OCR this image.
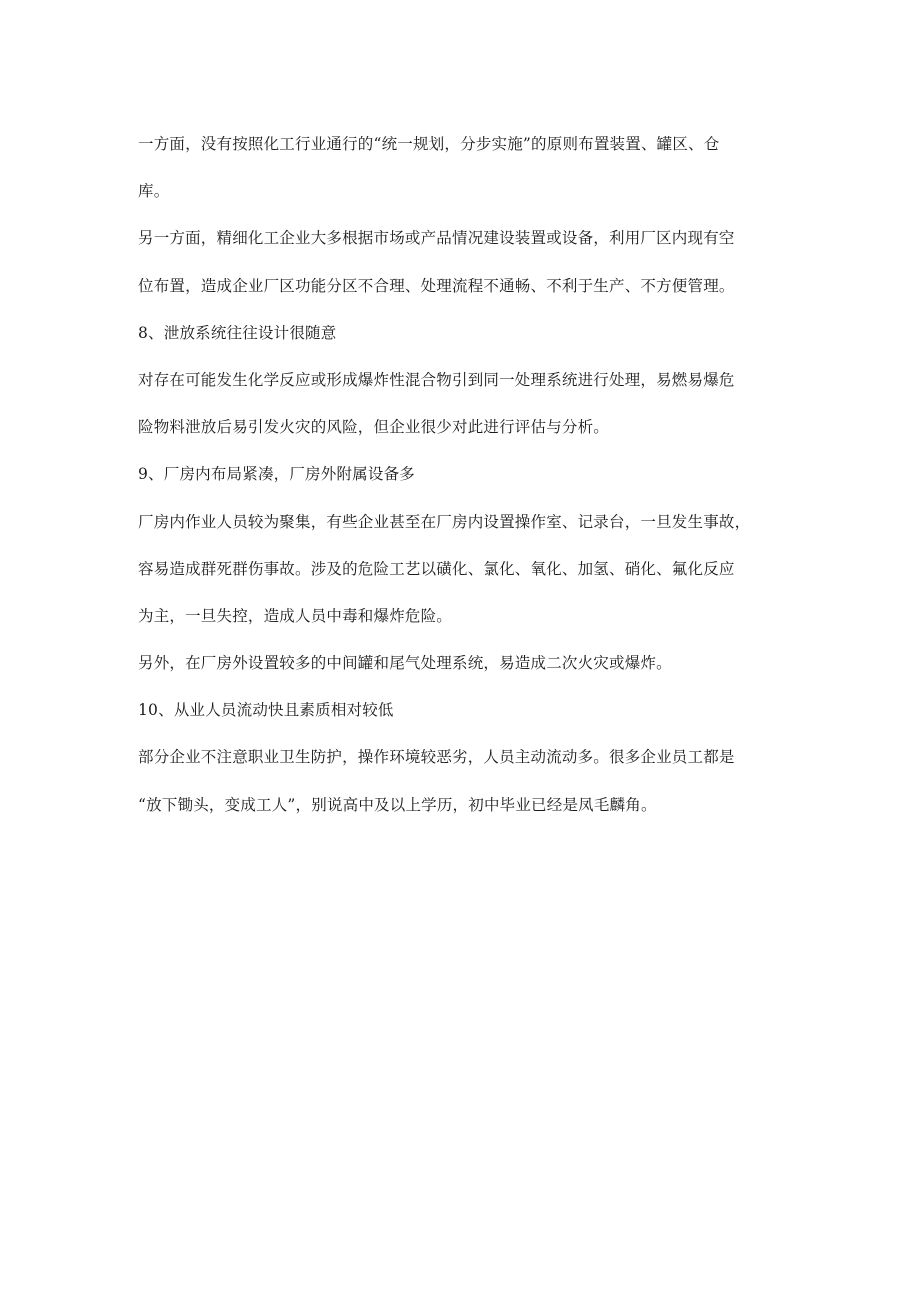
一方面，没有按照化工行业通行的“统一规划，分步实施”的原则布置装置、罐区、仓
库。
另一方面，精细化工企业大多根据市场或产品情况建设装置或设备，利用厂区内现有空
位布置，造成企业厂区功能分区不合理、处理流程不通畅、不利于生产、不方便管理。
8、泄放系统往往设计很随意
对存在可能发生化学反应或形成爆炸性混合物引到同一处理系统进行处理，易燃易爆危
险物料泄放后易引发火灾的风险，但企业很少对此进行评估与分析。
9、厂房内布局紧凑，厂房外附属设备多
厂房内作业人员较为聚集，有些企业甚至在厂房内设置操作室、记录台，一旦发生事故，
容易造成群死群伤事故。涉及的危险工艺以磺化、氯化、氧化、加氢、硝化、氟化反应
为主，一旦失控，造成人员中毒和爆炸危险。
另外，在厂房外设置较多的中间罐和尾气处理系统，易造成二次火灾或爆炸。
10、从业人员流动快且素质相对较低
部分企业不注意职业卫生防护，操作环境较恶劣，人员主动流动多。很多企业员工都是
“放下锄头，变成工人”，别说高中及以上学历，初中毕业已经是凤毛麟角。
